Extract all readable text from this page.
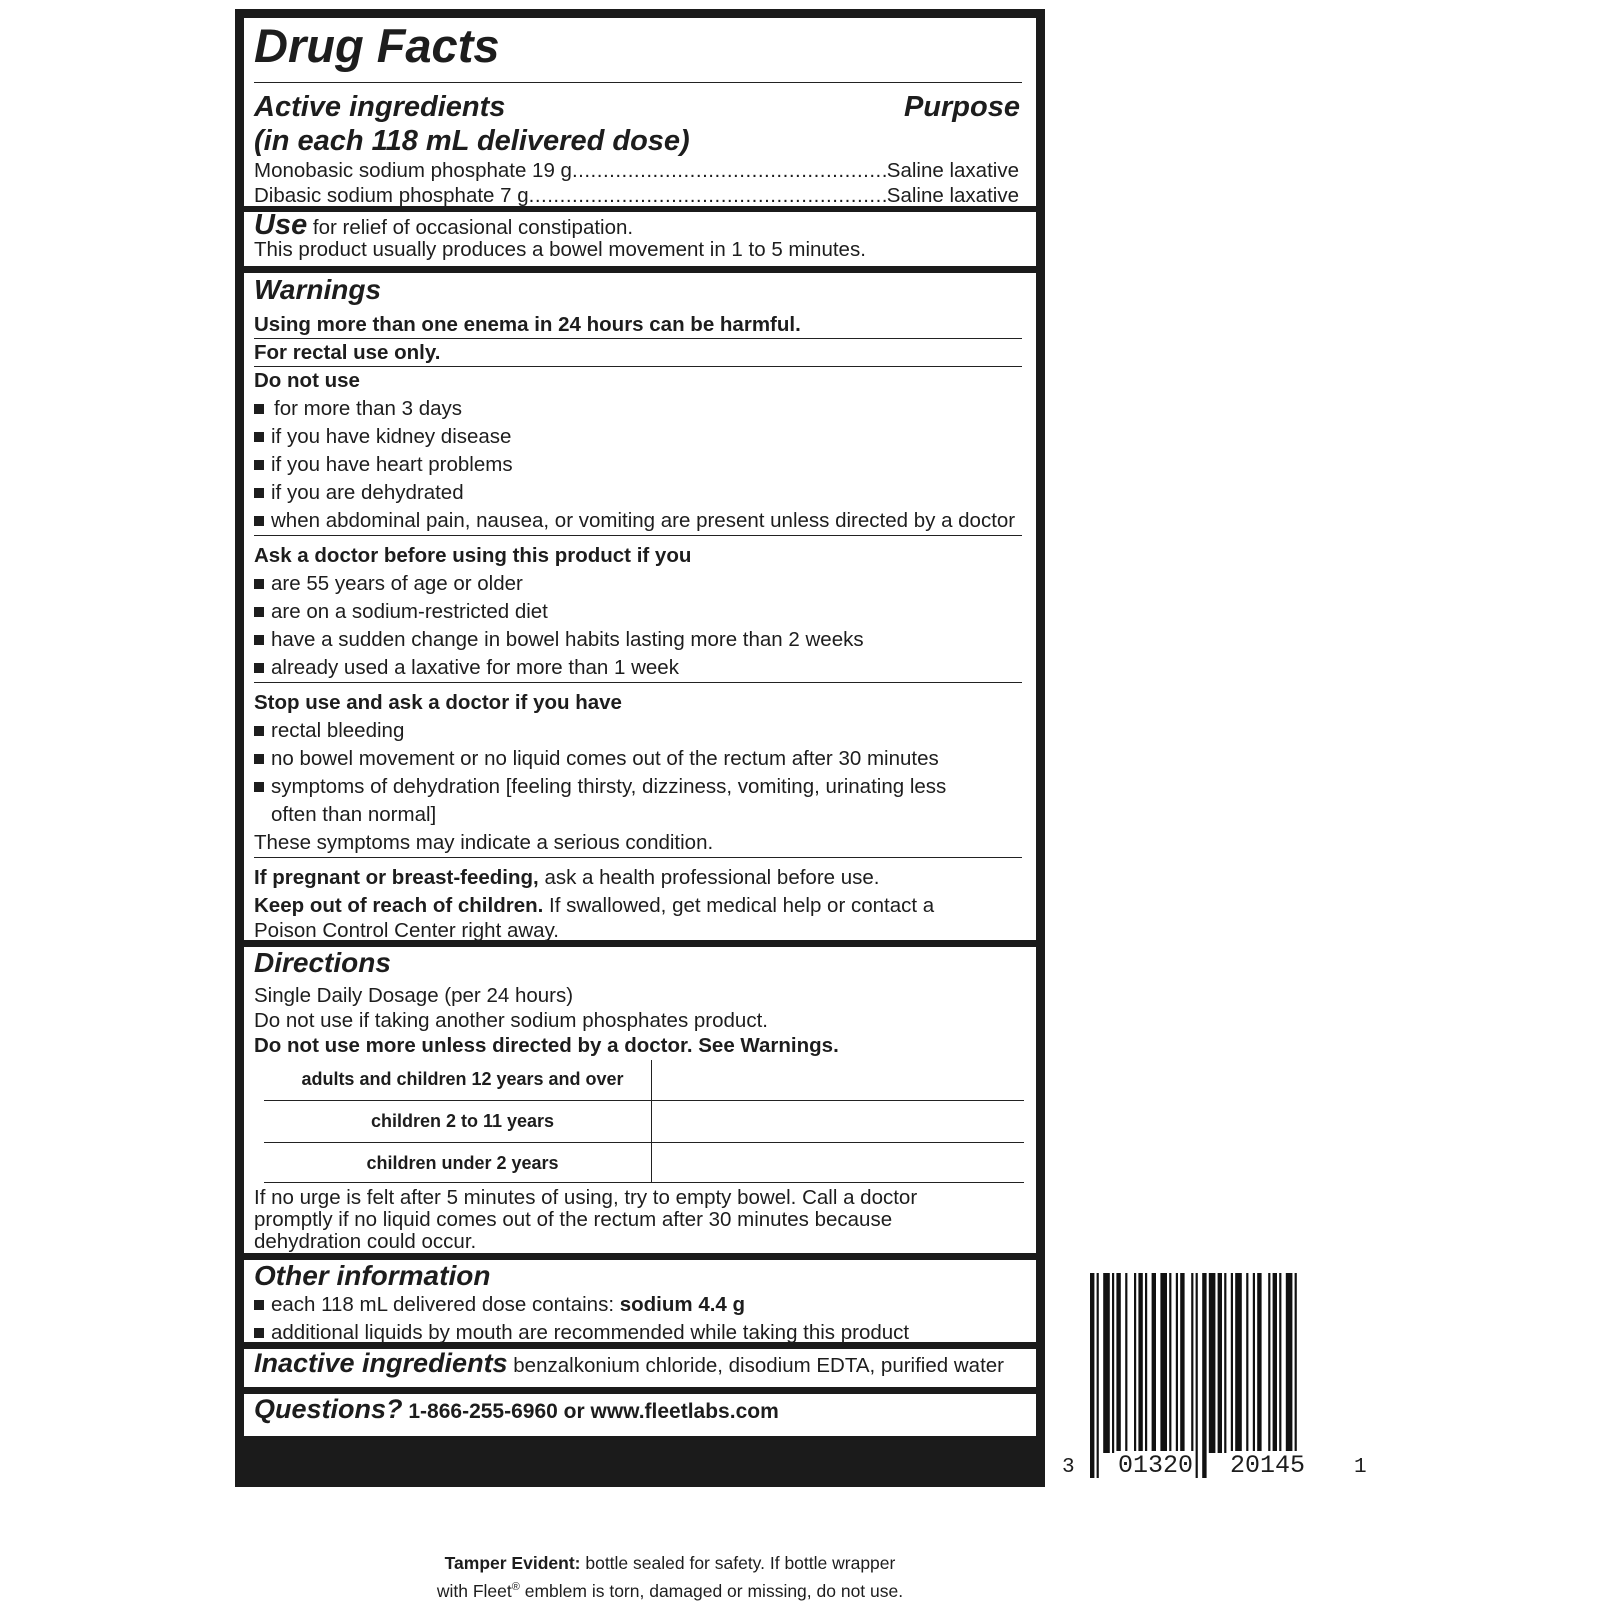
Drug Facts
Active ingredients	Purpose
(in each 118 mL delivered dose)
Monobasic sodium phosphate 19 g .....	Saline laxative
Dibasic sodium phosphate 7 g .....	Saline laxative
Use for relief of occasional constipation.
This product usually produces a bowel movement in 1 to 5 minutes.
Warnings
Using more than one enema in 24 hours can be harmful.
For rectal use only.
Do not use
for more than 3 days
if you have kidney disease
if you have heart problems
if you are dehydrated
when abdominal pain, nausea, or vomiting are present unless directed by a doctor
Ask a doctor before using this product if you
are 55 years of age or older
are on a sodium-restricted diet
have a sudden change in bowel habits lasting more than 2 weeks
already used a laxative for more than 1 week
Stop use and ask a doctor if you have
rectal bleeding
no bowel movement or no liquid comes out of the rectum after 30 minutes
symptoms of dehydration [feeling thirsty, dizziness, vomiting, urinating less
often than normal]
These symptoms may indicate a serious condition.
If pregnant or breast-feeding, ask a health professional before use.
Keep out of reach of children. If swallowed, get medical help or contact a
Poison Control Center right away.
Directions
Single Daily Dosage (per 24 hours)
Do not use if taking another sodium phosphates product.
Do not use more unless directed by a doctor. See Warnings.
adults and children 12 years and over
children 2 to 11 years
children under 2 years
If no urge is felt after 5 minutes of using, try to empty bowel. Call a doctor
promptly if no liquid comes out of the rectum after 30 minutes because
dehydration could occur.
Other information
each 118 mL delivered dose contains: sodium 4.4 g
additional liquids by mouth are recommended while taking this product
Inactive ingredients benzalkonium chloride, disodium EDTA, purified water
Questions? 1-866-255-6960 or www.fleetlabs.com
3 01320 20145 1

Tamper Evident: bottle sealed for safety. If bottle wrapper

with Fleet® emblem is torn, damaged or missing, do not use.
